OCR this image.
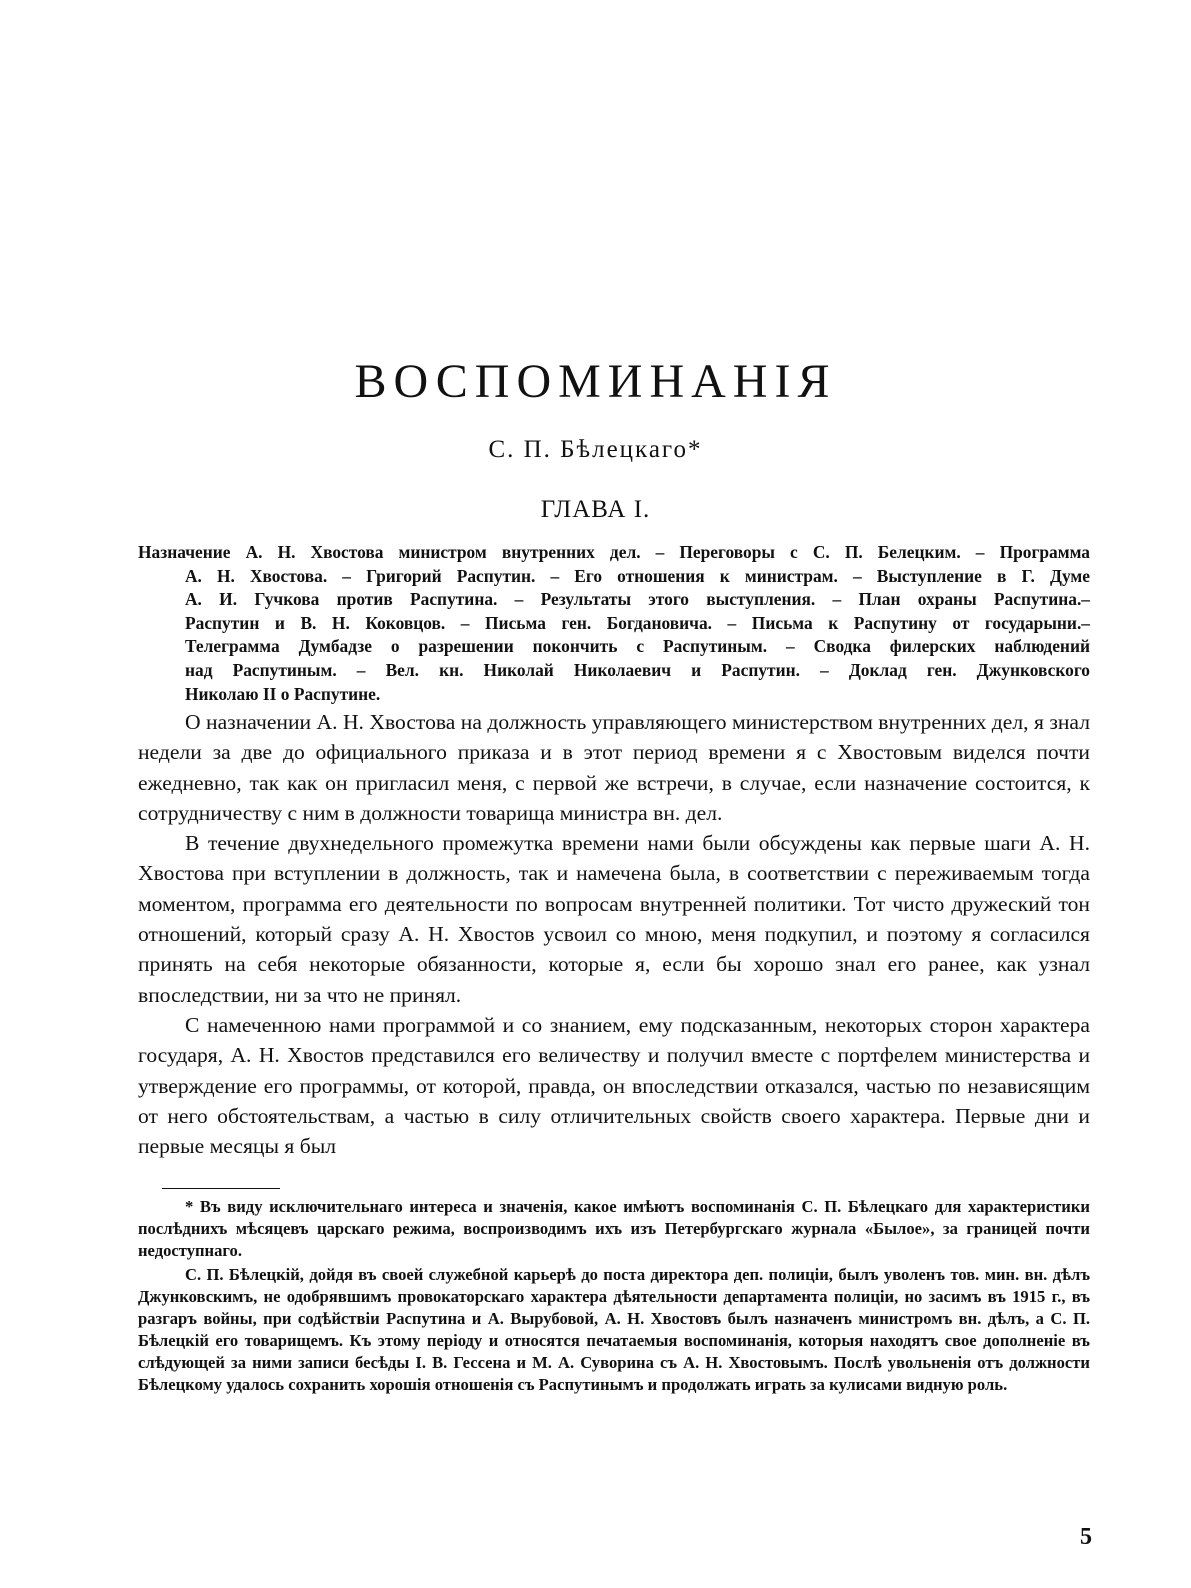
ВОСПОМИНАНІЯ
С. П. Бѣлецкаго*
ГЛАВА I.
Назначение А. Н. Хвостова министром внутренних дел. – Переговоры с С. П. Белецким. – Программа
А. Н. Хвостова. – Григорий Распутин. – Его отношения к министрам. – Выступление в Г. Думе
А. И. Гучкова против Распутина. – Результаты этого выступления. – План охраны Распутина.–
Распутин и В. Н. Коковцов. – Письма ген. Богдановича. – Письма к Распутину от государыни.–
Телеграмма Думбадзе о разрешении покончить с Распутиным. – Сводка филерских наблюдений
над Распутиным. – Вел. кн. Николай Николаевич и Распутин. – Доклад ген. Джунковского
Николаю II о Распутине.

О назначении А. Н. Хвостова на должность управляющего министерством внутренних дел, я знал недели за две до официального приказа и в этот период времени я с Хвостовым виделся почти ежедневно, так как он пригласил меня, с первой же встречи, в случае, если назначение состоится, к сотрудничеству с ним в должности товарища министра вн. дел.

В течение двухнедельного промежутка времени нами были обсуждены как первые шаги А. Н. Хвостова при вступлении в должность, так и намечена была, в соответствии с переживаемым тогда моментом, программа его деятельности по вопросам внутренней политики. Тот чисто дружеский тон отношений, который сразу А. Н. Хвостов усвоил со мною, меня подкупил, и поэтому я согласился принять на себя некоторые обязанности, которые я, если бы хорошо знал его ранее, как узнал впоследствии, ни за что не принял.

С намеченною нами программой и со знанием, ему подсказанным, некоторых сторон характера государя, А. Н. Хвостов представился его величеству и получил вместе с портфелем министерства и утверждение его программы, от которой, правда, он впоследствии отказался, частью по независящим от него обстоятельствам, а частью в силу отличительных свойств своего характера. Первые дни и первые месяцы я был

* Въ виду исключительнаго интереса и значенія, какое имѣютъ воспоминанія С. П. Бѣлецкаго для характеристики послѣднихъ мѣсяцевъ царскаго режима, воспроизводимъ ихъ изъ Петербургскаго журнала «Былое», за границей почти недоступнаго.

С. П. Бѣлецкій, дойдя въ своей служебной карьерѣ до поста директора деп. полиціи, былъ уволенъ тов. мин. вн. дѣлъ Джунковскимъ, не одобрявшимъ провокаторскаго характера дѣятельности департамента полиціи, но засимъ въ 1915 г., въ разгаръ войны, при содѣйствіи Распутина и А. Вырубовой, А. Н. Хвостовъ былъ назначенъ министромъ вн. дѣлъ, а С. П. Бѣлецкій его товарищемъ. Къ этому періоду и относятся печатаемыя воспоминанія, которыя находятъ свое дополненіе въ слѣдующей за ними записи бесѣды I. В. Гессена и М. А. Суворина съ А. Н. Хвостовымъ. Послѣ увольненія отъ должности Бѣлецкому удалось сохранить хорошія отношенія съ Распутинымъ и продолжать играть за кулисами видную роль.

5
